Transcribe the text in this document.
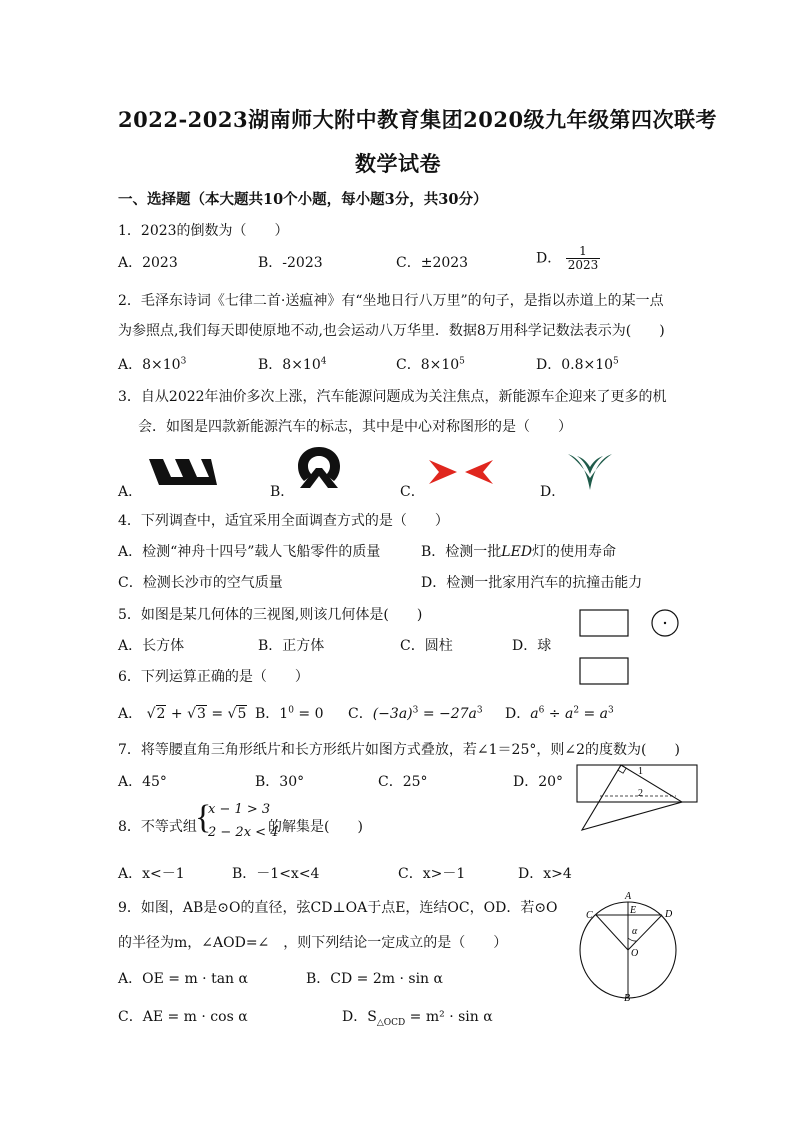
2022-2023湖南师大附中教育集团2020级九年级第四次联考
数学试卷
一、选择题（本大题共10个小题，每小题3分，共30分）
1．2023的倒数为（　　）
A．2023	B．-2023	C．±2023	D． $\frac{1}{2023}$
2．毛泽东诗词《七律二首·送瘟神》有“坐地日行八万里”的句子，是指以赤道上的某一点
为参照点,我们每天即使原地不动,也会运动八万华里．数据8万用科学记数法表示为(　　)
A．$8\times 10^3$	B．$8\times 10^4$	C．$8\times 10^5$	D．$0.8\times 10^5$
3．自从2022年油价多次上涨，汽车能源问题成为关注焦点，新能源车企迎来了更多的机
会．如图是四款新能源汽车的标志，其中是中心对称图形的是（　　）
A．	B．	C．	D．
4．下列调查中，适宜采用全面调查方式的是（　　）
A．检测“神舟十四号”载人飞船零件的质量	B．检测一批LED灯的使用寿命
C．检测长沙市的空气质量	D．检测一批家用汽车的抗撞击能力
5．如图是某几何体的三视图,则该几何体是(　　)
A．长方体	B．正方体	C．圆柱	D．球
6．下列运算正确的是（　　）
A． √2 + √3 = √5 B．$1^0 = 0$ C．$(-3a)^3 = -27a^3$ D．$a^6 \div a^2 = a^3$
7．将等腰直角三角形纸片和长方形纸片如图方式叠放，若∠1＝25°，则∠2的度数为(　　)
A．45°	B．30°	C．25°	D．20°
1
2
8．不等式组
{
x − 1 > 3
2 − 2x < 4
的解集是(　　)
A．x<－1	B．－1<x<4	C．x>－1	D．x>4
9．如图，AB是⊙O的直径，弦CD⊥OA于点E，连结OC，OD．若⊙O
的半径为m，∠AOD=∠　，则下列结论一定成立的是（　　）
A．OE = m · tan α	B．CD = 2m · sin α
C．AE = m · cos α	D．$S_{\triangle OCD} = m^2 \cdot \sin \alpha$
A
C	E	D
α
O
B
